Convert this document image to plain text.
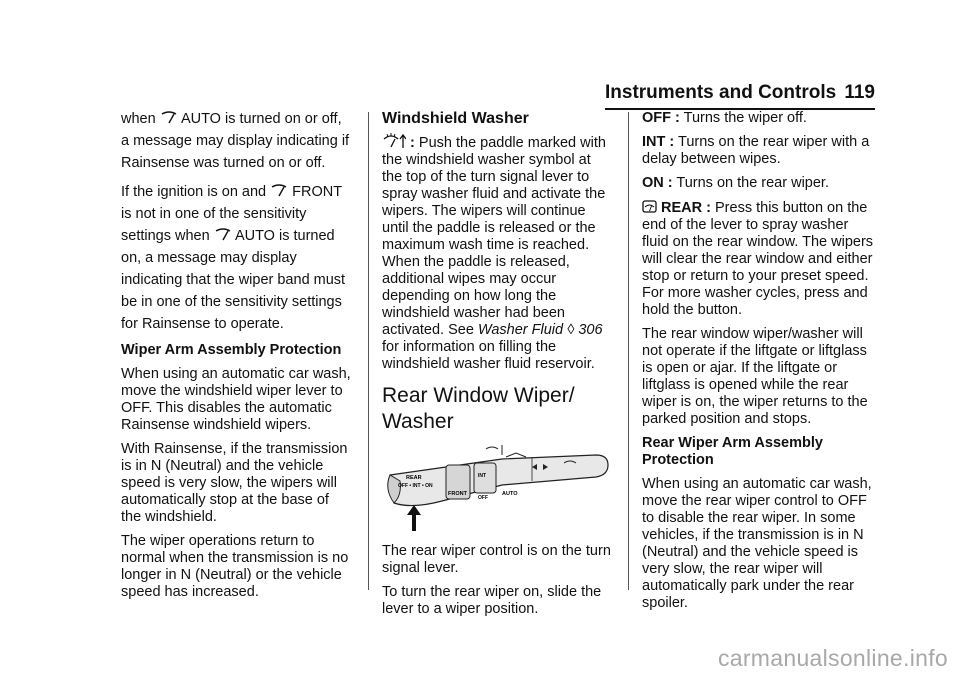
Instruments and Controls 119

when AUTO is turned on or off, a message may display indicating if Rainsense was turned on or off.

If the ignition is on and FRONT is not in one of the sensitivity settings when AUTO is turned on, a message may display indicating that the wiper band must be in one of the sensitivity settings for Rainsense to operate.

Wiper Arm Assembly Protection

When using an automatic car wash, move the windshield wiper lever to OFF. This disables the automatic Rainsense windshield wipers.

With Rainsense, if the transmission is in N (Neutral) and the vehicle speed is very slow, the wipers will automatically stop at the base of the windshield.

The wiper operations return to normal when the transmission is no longer in N (Neutral) or the vehicle speed has increased.

Windshield Washer

: Push the paddle marked with the windshield washer symbol at the top of the turn signal lever to spray washer fluid and activate the wipers. The wipers will continue until the paddle is released or the maximum wash time is reached. When the paddle is released, additional wipes may occur depending on how long the windshield washer had been activated. See Washer Fluid ◊ 306 for information on filling the windshield washer fluid reservoir.

Rear Window Wiper/ Washer
REAR
OFF • INT • ON
FRONT
INT
OFF
AUTO

The rear wiper control is on the turn signal lever.

To turn the rear wiper on, slide the lever to a wiper position.

OFF : Turns the wiper off.

INT : Turns on the rear wiper with a delay between wipes.

ON : Turns on the rear wiper.

REAR : Press this button on the end of the lever to spray washer fluid on the rear window. The wipers will clear the rear window and either stop or return to your preset speed. For more washer cycles, press and hold the button.

The rear window wiper/washer will not operate if the liftgate or liftglass is open or ajar. If the liftgate or liftglass is opened while the rear wiper is on, the wiper returns to the parked position and stops.

Rear Wiper Arm Assembly Protection

When using an automatic car wash, move the rear wiper control to OFF to disable the rear wiper. In some vehicles, if the transmission is in N (Neutral) and the vehicle speed is very slow, the rear wiper will automatically park under the rear spoiler.

carmanualsonline.info
